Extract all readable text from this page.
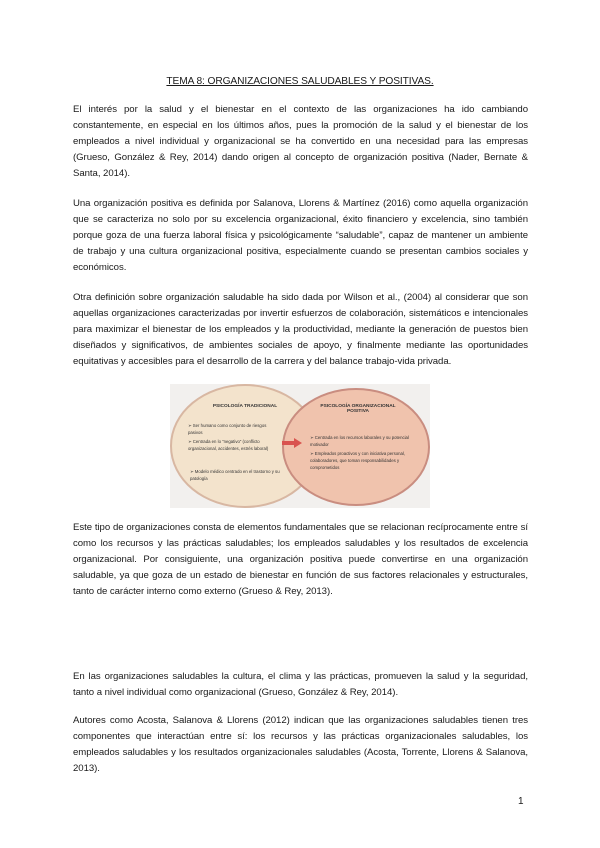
TEMA 8: ORGANIZACIONES SALUDABLES Y POSITIVAS.

El interés por la salud y el bienestar en el contexto de las organizaciones ha ido cambiando constantemente, en especial en los últimos años, pues la promoción de la salud y el bienestar de los empleados a nivel individual y organizacional se ha convertido en una necesidad para las empresas (Grueso, González & Rey, 2014) dando origen al concepto de organización positiva (Nader, Bernate & Santa, 2014).

Una organización positiva es definida por Salanova, Llorens & Martínez (2016) como aquella organización que se caracteriza no solo por su excelencia organizacional, éxito financiero y excelencia, sino también porque goza de una fuerza laboral física y psicológicamente “saludable”, capaz de mantener un ambiente de trabajo y una cultura organizacional positiva, especialmente cuando se presentan cambios sociales y económicos.

Otra definición sobre organización saludable ha sido dada por Wilson et al., (2004) al considerar que son aquellas organizaciones caracterizadas por invertir esfuerzos de colaboración, sistemáticos e intencionales para maximizar el bienestar de los empleados y la productividad, mediante la generación de puestos bien diseñados y significativos, de ambientes sociales de apoyo, y finalmente mediante las oportunidades equitativas y accesibles para el desarrollo de la carrera y del balance trabajo-vida privada.

PSICOLOGÍA TRADICIONAL
➢ Ser humano como conjunto de riesgos pasivos
➢ Centrada en lo “negativo” (conflicto organizacional, accidentes, estrés laboral)
➢ Modelo médico centrado en el trastorno y su patología
PSICOLOGÍA ORGANIZACIONAL POSITIVA
➢ Centrada en los recursos laborales y su potencial motivador
➢ Empleados proactivos y con iniciativa personal, colaboradores, que toman responsabilidades y comprometidos

Este tipo de organizaciones consta de elementos fundamentales que se relacionan recíprocamente entre sí como los recursos y las prácticas saludables; los empleados saludables y los resultados de excelencia organizacional. Por consiguiente, una organización positiva puede convertirse en una organización saludable, ya que goza de un estado de bienestar en función de sus factores relacionales y estructurales, tanto de carácter interno como externo (Grueso & Rey, 2013).

En las organizaciones saludables la cultura, el clima y las prácticas, promueven la salud y la seguridad, tanto a nivel individual como organizacional (Grueso, González & Rey, 2014).

Autores como Acosta, Salanova & Llorens (2012) indican que las organizaciones saludables tienen tres componentes que interactúan entre sí: los recursos y las prácticas organizacionales saludables, los empleados saludables y los resultados organizacionales saludables (Acosta, Torrente, Llorens & Salanova, 2013).

1
